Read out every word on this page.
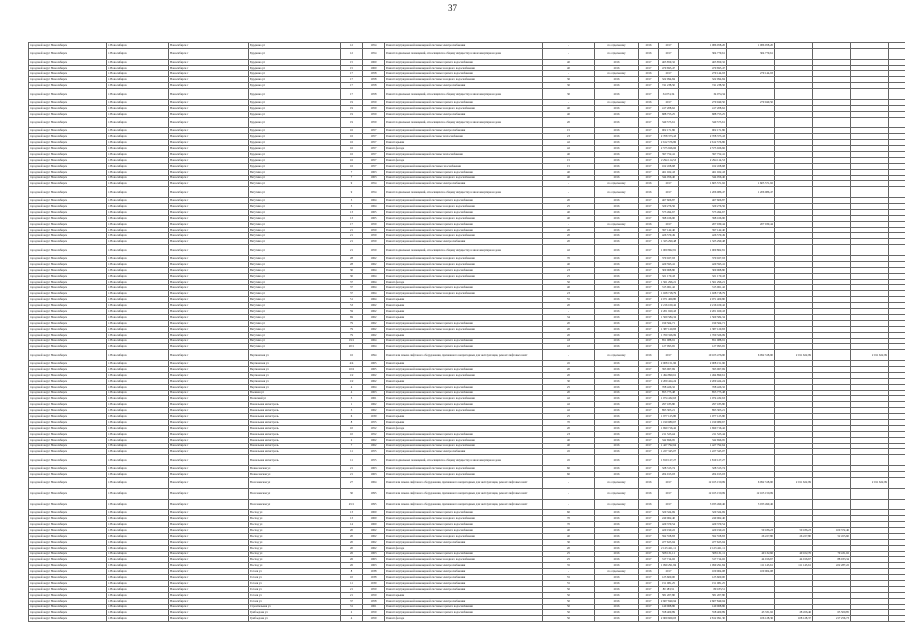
37
городской округ Новосибирск	г. Новосибирск	Новосибирск г	Бурденко ул	12	1954	Ремонт внутридомовой инженерной системы электроснабжения	-	по отдельному	2016	2017	1 086 958,20	1 086 958,20				
городской округ Новосибирск	г. Новосибирск	Новосибирск г	Бурденко ул	12	1954	Ремонт подвальных помещений, относящихся к общему имуществу в многоквартирном доме	-	по отдельному	2016	2017	304 779,61	304 779,61				
городской округ Новосибирск	г. Новосибирск	Новосибирск г	Бурденко ул	15	1960	Ремонт внутридомовой инженерной системы горячего водоснабжения	40	2016	2017	463 859,32	463 859,32					
городской округ Новосибирск	г. Новосибирск	Новосибирск г	Бурденко ул	15	1960	Ремонт внутридомовой инженерной системы холодного водоснабжения	40	2016	2017	470 695,47	470 695,47					
городской округ Новосибирск	г. Новосибирск	Новосибирск г	Бурденко ул	17	1958	Ремонт внутридомовой инженерной системы горячего водоснабжения	-	по отдельному	2016	2017	279 144,93	279 144,93				
городской округ Новосибирск	г. Новосибирск	Новосибирск г	Бурденко ул	17	1958	Ремонт внутридомовой инженерной системы холодного водоснабжения	30	2016	2017	322 994,84	322 994,84					
городской округ Новосибирск	г. Новосибирск	Новосибирск г	Бурденко ул	17	1958	Ремонт внутридомовой инженерной системы электроснабжения	30	2016	2017	741 238,50	741 238,50					
городской округ Новосибирск	г. Новосибирск	Новосибирск г	Бурденко ул	17	1958	Ремонт подвальных помещений, относящихся к общему имуществу в многоквартирном доме	30	2016	2017	34 074,34	34 074,34					
городской округ Новосибирск	г. Новосибирск	Новосибирск г	Бурденко ул	19	1959	Ремонт внутридомовой инженерной системы горячего водоснабжения	-	по отдельному	2016	2017	270 949,50	270 949,50				
городской округ Новосибирск	г. Новосибирск	Новосибирск г	Бурденко ул	19	1959	Ремонт внутридомовой инженерной системы холодного водоснабжения	40	2016	2017	417 208,62	417 208,62					
городской округ Новосибирск	г. Новосибирск	Новосибирск г	Бурденко ул	19	1959	Ремонт внутридомовой инженерной системы электроснабжения	40	2016	2017	688 753,25	688 753,25					
городской округ Новосибирск	г. Новосибирск	Новосибирск г	Бурденко ул	19	1959	Ремонт подвальных помещений, относящихся к общему имуществу в многоквартирном доме	20	2016	2017	340 573,61	340 573,61					
городской округ Новосибирск	г. Новосибирск	Новосибирск г	Бурденко ул	16	1957	Ремонт внутридомовой инженерной системы электроснабжения	15	2016	2017	902 171,86	902 171,86					
городской округ Новосибирск	г. Новосибирск	Новосибирск г	Бурденко ул	16	1957	Ремонт внутридомовой инженерной системы теплоснабжения	23	2016	2017	2 708 373,43	2 708 373,43					
городской округ Новосибирск	г. Новосибирск	Новосибирск г	Бурденко ул	16	1957	Ремонт крыши	42	2016	2017	2 612 576,86	2 612 576,86					
городской округ Новосибирск	г. Новосибирск	Новосибирск г	Бурденко ул	16	1957	Ремонт фасада	42	2016	2017	2 575 926,66	2 575 926,66					
городской округ Новосибирск	г. Новосибирск	Новосибирск г	Бурденко ул	16	1957	Ремонт внутридомовой инженерной системы теплоснабжения	40	2016	2017	397 752,41	397 752,41					
городской округ Новосибирск	г. Новосибирск	Новосибирск г	Бурденко ул	16	1957	Ремонт фасада	15	2016	2017	2 294 114,53	2 294 114,53					
городской округ Новосибирск	г. Новосибирск	Новосибирск г	Бурденко ул	16	1957	Ремонт внутридомовой инженерной системы газоснабжения	15	2016	2017	162 458,68	162 458,68					
городской округ Новосибирск	г. Новосибирск	Новосибирск г	Ватутина ул	7	1963	Ремонт внутридомовой инженерной системы горячего водоснабжения	40	2016	2017	461 022,43	461 022,43					
городской округ Новосибирск	г. Новосибирск	Новосибирск г	Ватутина ул	7	1963	Ремонт внутридомовой инженерной системы холодного водоснабжения	40	2016	2017	344 056,40	344 056,40					
городской округ Новосибирск	г. Новосибирск	Новосибирск г	Ватутина ул	9	1954	Ремонт внутридомовой инженерной системы электроснабжения	-	по отдельному	2016	2017	1 605 571,92	1 605 571,92				
городской округ Новосибирск	г. Новосибирск	Новосибирск г	Ватутина ул	9	1954	Ремонт подвальных помещений, относящихся к общему имуществу в многоквартирном доме	-	по отдельному	2016	2017	1 206 986,47	1 206 986,47				
городской округ Новосибирск	г. Новосибирск	Новосибирск г	Ватутина ул	5	1964	Ремонт внутридомовой инженерной системы горячего водоснабжения	20	2016	2017	467 606,87	467 606,87					
городской округ Новосибирск	г. Новосибирск	Новосибирск г	Ватутина ул	5	1964	Ремонт внутридомовой инженерной системы холодного водоснабжения	25	2016	2017	329 276,56	329 276,56					
городской округ Новосибирск	г. Новосибирск	Новосибирск г	Ватутина ул	13	1965	Ремонт внутридомовой инженерной системы горячего водоснабжения	40	2016	2017	573 494,67	573 494,67					
городской округ Новосибирск	г. Новосибирск	Новосибирск г	Ватутина ул	13	1965	Ремонт внутридомовой инженерной системы холодного водоснабжения	40	2016	2017	398 166,90	398 166,90					
городской округ Новосибирск	г. Новосибирск	Новосибирск г	Ватутина ул	17	1959	Ремонт внутридомовой инженерной системы горячего водоснабжения	-	по отдельному	2016	2017	207 939,44	207 939,44				
городской округ Новосибирск	г. Новосибирск	Новосибирск г	Ватутина ул	21	1959	Ремонт внутридомовой инженерной системы горячего водоснабжения	20	2016	2017	397 142,40	397 142,40					
городской округ Новосибирск	г. Новосибирск	Новосибирск г	Ватутина ул	21	1959	Ремонт внутридомовой инженерной системы холодного водоснабжения	20	2016	2017	426 579,49	426 579,49					
городской округ Новосибирск	г. Новосибирск	Новосибирск г	Ватутина ул	21	1959	Ремонт внутридомовой инженерной системы электроснабжения	20	2016	2017	1 325 299,48	1 325 299,48					
городской округ Новосибирск	г. Новосибирск	Новосибирск г	Ватутина ул	21	1959	Ремонт подвальных помещений, относящихся к общему имуществу в многоквартирном доме	42	2016	2017	1 009 862,81	1 009 862,81					
городской округ Новосибирск	г. Новосибирск	Новосибирск г	Ватутина ул	28	1962	Ремонт внутридомовой инженерной системы холодного водоснабжения	70	2016	2017	370 027,93	370 027,93					
городской округ Новосибирск	г. Новосибирск	Новосибирск г	Ватутина ул	28	1962	Ремонт внутридомовой инженерной системы холодного водоснабжения	40	2016	2017	420 593,41	420 593,41					
городской округ Новосибирск	г. Новосибирск	Новосибирск г	Ватутина ул	30	1964	Ремонт внутридомовой инженерной системы горячего водоснабжения	23	2016	2017	309 968,80	309 968,80					
городской округ Новосибирск	г. Новосибирск	Новосибирск г	Ватутина ул	30	1964	Ремонт внутридомовой инженерной системы холодного водоснабжения	25	2016	2017	321 170,43	321 170,43					
городской округ Новосибирск	г. Новосибирск	Новосибирск г	Ватутина ул	37	1964	Ремонт фасада	50	2016	2017	1 561 296,21	1 561 296,21					
городской округ Новосибирск	г. Новосибирск	Новосибирск г	Ватутина ул	37	1964	Ремонт внутридомовой инженерной системы горячего водоснабжения	40	2016	2017	315 961,42	315 961,42					
городской округ Новосибирск	г. Новосибирск	Новосибирск г	Ватутина ул	37	1964	Ремонт внутридомовой инженерной системы холодного водоснабжения	23	2016	2017	1 028 718,79	1 028 718,79					
городской округ Новосибирск	г. Новосибирск	Новосибирск г	Ватутина ул	51	1964	Ремонт крыши	55	2016	2017	2 071 409,80	2 071 409,80					
городской округ Новосибирск	г. Новосибирск	Новосибирск г	Ватутина ул	53	1962	Ремонт крыши	20	2016	2017	2 216 109,42	2 216 109,42					
городской округ Новосибирск	г. Новосибирск	Новосибирск г	Ватутина ул	59	1962	Ремонт крыши	-	2016	2017	2 201 920,43	2 201 920,43					
городской округ Новосибирск	г. Новосибирск	Новосибирск г	Ватутина ул	69	1962	Ремонт крыши	34	2016	2017	1 569 584,34	1 569 584,34					
городской округ Новосибирск	г. Новосибирск	Новосибирск г	Ватутина ул	79	1962	Ремонт внутридомовой инженерной системы горячего водоснабжения	20	2016	2017	199 564,71	199 564,71					
городской округ Новосибирск	г. Новосибирск	Новосибирск г	Ватутина ул	79	1962	Ремонт внутридомовой инженерной системы холодного водоснабжения	20	2016	2017	1 387 120,83	1 387 120,83					
городской округ Новосибирск	г. Новосибирск	Новосибирск г	Ватутина ул	79	1962	Ремонт крыши	20	2016	2017	1 760 326,99	1 760 326,99					
городской округ Новосибирск	г. Новосибирск	Новосибирск г	Ватутина ул	19/1	1964	Ремонт внутридомовой инженерной системы горячего водоснабжения	43	2016	2017	851 988,91	851 988,91					
городской округ Новосибирск	г. Новосибирск	Новосибирск г	Ватутина ул	20/1	1964	Ремонт внутридомовой инженерной системы горячего водоснабжения	43	2016	2017	127 093,65	127 093,65					
городской округ Новосибирск	г. Новосибирск	Новосибирск г	Вертковская ул	16	1994	Ремонт или замена лифтового оборудования, признанного непригодным для эксплуатации, ремонт лифтовых шахт	-	по отдельному	2016	2017	10 103 476,90	6 092 318,90	2 011 622,99		2 011 622,99	
городской округ Новосибирск	г. Новосибирск	Новосибирск г	Вертковская ул	4/4	1965	Ремонт крыши	45	2016	2017	2 008 151,96	2 008 151,96					
городской округ Новосибирск	г. Новосибирск	Новосибирск г	Вертковская ул	10/2	1965	Ремонт внутридомовой инженерной системы горячего водоснабжения	20	2016	2017	393 067,69	393 067,69					
городской округ Новосибирск	г. Новосибирск	Новосибирск г	Вертковская ул	1/2	1962	Ремонт внутридомовой инженерной системы холодного водоснабжения	20	2016	2017	1 494 899,61	1 494 899,61					
городской округ Новосибирск	г. Новосибирск	Новосибирск г	Вертковская ул	1/2	1962	Ремонт крыши	30	2016	2017	2 209 424,24	2 209 424,24					
городской округ Новосибирск	г. Новосибирск	Новосибирск г	Вертковская ул	4	1964	Ремонт внутридомовой инженерной системы горячего водоснабжения	25	2016	2017	768 426,32	768 426,32					
городской округ Новосибирск	г. Новосибирск	Новосибирск г	Военная ул	4	1963	Ремонт внутридомовой инженерной системы горячего водоснабжения	20	2016	2017	855 775,48	855 775,48					
городской округ Новосибирск	г. Новосибирск	Новосибирск г	Волжский ул	3	1961	Ремонт внутридомовой инженерной системы холодного водоснабжения	42	2016	2017	1 074 432,63	1 074 432,63					
городской округ Новосибирск	г. Новосибирск	Новосибирск г	Вокзальная магистраль	1	1962	Ремонт внутридомовой инженерной системы горячего водоснабжения	42	2016	2017	297 183,80	297 183,80					
городской округ Новосибирск	г. Новосибирск	Новосибирск г	Вокзальная магистраль	3	1962	Ремонт внутридомовой инженерной системы холодного водоснабжения	42	2016	2017	893 303,21	893 303,21					
городской округ Новосибирск	г. Новосибирск	Новосибирск г	Вокзальная магистраль	6	1930	Ремонт крыши	25	2016	2017	1 977 125,80	1 977 125,80					
городской округ Новосибирск	г. Новосибирск	Новосибирск г	Вокзальная магистраль	8	1955	Ремонт крыши	70	2016	2017	1 190 080,67	1 190 080,67					
городской округ Новосибирск	г. Новосибирск	Новосибирск г	Вокзальная магистраль	10	1952	Ремонт фасада	20	2016	2017	1 690 716,42	1 690 716,42					
городской округ Новосибирск	г. Новосибирск	Новосибирск г	Вокзальная магистраль	10	1952	Ремонт внутридомовой инженерной системы горячего водоснабжения	23	2016	2017	211 523,44	211 523,44					
городской округ Новосибирск	г. Новосибирск	Новосибирск г	Вокзальная магистраль	2	1962	Ремонт внутридомовой инженерной системы холодного водоснабжения	40	2016	2017	342 696,95	342 696,95					
городской округ Новосибирск	г. Новосибирск	Новосибирск г	Вокзальная магистраль	7	1962	Ремонт внутридомовой инженерной системы холодного водоснабжения	40	2016	2017	1 427 792,64	1 427 792,64					
городской округ Новосибирск	г. Новосибирск	Новосибирск г	Вокзальная магистраль	11	1955	Ремонт внутридомовой инженерной системы электроснабжения	45	2016	2017	1 227 345,07	1 227 345,07					
городской округ Новосибирск	г. Новосибирск	Новосибирск г	Вокзальная магистраль	11	1955	Ремонт подвальных помещений, относящихся к общему имуществу в многоквартирном доме	45	2016	2017	1 819 127,27	1 819 127,27					
городской округ Новосибирск	г. Новосибирск	Новосибирск г	Вознесенская ул	21	1963	Ремонт внутридомовой инженерной системы холодного водоснабжения	60	2016	2017	328 313,74	328 313,74					
городской округ Новосибирск	г. Новосибирск	Новосибирск г	Вознесенская ул	21	1963	Ремонт внутридомовой инженерной системы холодного водоснабжения	60	2016	2017	204 913,03	204 913,03					
городской округ Новосибирск	г. Новосибирск	Новосибирск г	Волочаевская ул	27	1964	Ремонт или замена лифтового оборудования, признанного непригодным для эксплуатации, ремонт лифтовых шахт	-	по отдельному	2016	2017	12 165 159,99	6 092 318,90	2 011 622,99		2 011 622,99	
городской округ Новосибирск	г. Новосибирск	Новосибирск г	Волочаевская ул	30	1995	Ремонт или замена лифтового оборудования, признанного непригодным для эксплуатации, ремонт лифтовых шахт	-	по отдельному	2016	2017	12 165 159,99	12 165 159,99				
городской округ Новосибирск	г. Новосибирск	Новосибирск г	Волочаевская ул	45/1	1995	Ремонт или замена лифтового оборудования, признанного непригодным для эксплуатации, ремонт лифтовых шахт	-	по отдельному	2016	2017	3 033 499,46	3 033 499,46				
городской округ Новосибирск	г. Новосибирск	Новосибирск г	Восход ул	13	1960	Ремонт внутридомовой инженерной системы горячего водоснабжения	60	2016	2017	320 324,69	320 324,69					
городской округ Новосибирск	г. Новосибирск	Новосибирск г	Восход ул	13	1960	Ремонт внутридомовой инженерной системы холодного водоснабжения	70	2016	2017	249 962,40	249 962,40					
городской округ Новосибирск	г. Новосибирск	Новосибирск г	Восход ул	14	1960	Ремонт внутридомовой инженерной системы горячего водоснабжения	70	2016	2017	429 379,54	429 379,54					
городской округ Новосибирск	г. Новосибирск	Новосибирск г	Восход ул	20	1962	Ремонт внутридомовой инженерной системы горячего водоснабжения	40	2016	2017	420 190,22	420 190,22	50 186,23	50 186,23	100 372,46		
городской округ Новосибирск	г. Новосибирск	Новосибирск г	Восход ул	20	1962	Ремонт внутридомовой инженерной системы холодного водоснабжения	40	2016	2017	592 558,83	592 558,83	26 227,80	26 227,80	52 455,60		
городской округ Новосибирск	г. Новосибирск	Новосибирск г	Восход ул	20	1962	Ремонт внутридомовой инженерной системы электроснабжения	30	2016	2017	477 623,94	477 623,94					
городской округ Новосибирск	г. Новосибирск	Новосибирск г	Восход ул	20	1962	Ремонт фасада	20	2016	2017	2 123 421,11	2 123 421,11					
городской округ Новосибирск	г. Новосибирск	Новосибирск г	Восход ул	26	1963	Ремонт внутридомовой инженерной системы горячего водоснабжения	25	2016	2017	508 131,11	508 131,11	40 132,66	40 102,76	79 431,02		
городской округ Новосибирск	г. Новосибирск	Новосибирск г	Восход ул	26	1963	Ремонт внутридомовой инженерной системы холодного водоснабжения	25	2016	2017	317 714,02	317 714,02	44 016,67	44 016,67	88 033,34		
городской округ Новосибирск	г. Новосибирск	Новосибирск г	Восход ул	26	1963	Ремонт внутридомовой инженерной системы электроснабжения	35	2016	2017	1 099 291,84	1 099 291,84	111 143,61	111 143,61	222 287,22		
городской округ Новосибирск	г. Новосибирск	Новосибирск г	Гоголя ул	8	1938	Ремонт внутридомовой инженерной системы электроснабжения	-	по отдельному	2016	2017	100 904,08	100 904,08				
городской округ Новосибирск	г. Новосибирск	Новосибирск г	Гоголя ул	10	1938	Ремонт внутридомовой инженерной системы электроснабжения	55	2016	2017	125 600,00	125 600,00					
городской округ Новосибирск	г. Новосибирск	Новосибирск г	Гоголя ул	11	1939	Ремонт внутридомовой инженерной системы электроснабжения	55	2016	2017	151 981,25	151 981,25					
городской округ Новосибирск	г. Новосибирск	Новосибирск г	Гоголя ул	21	1950	Ремонт внутридомовой инженерной системы электроснабжения	50	2016	2017	80 183,51	80 183,51					
городской округ Новосибирск	г. Новосибирск	Новосибирск г	Гоголя ул	21	1950	Ремонт крыши	50	2016	2017	581 207,80	581 207,80					
городской округ Новосибирск	г. Новосибирск	Новосибирск г	Гоголя ул	37	1958	Ремонт внутридомовой инженерной системы электроснабжения	50	2016	2017	2 607 849,94	2 607 849,94					
городской округ Новосибирск	г. Новосибирск	Новосибирск г	Строительная ул	31	1961	Ремонт внутридомовой инженерной системы горячего водоснабжения	50	2016	2017	140 968,86	140 968,86					
городской округ Новосибирск	г. Новосибирск	Новосибирск г	Грибоедова ул	2	1959	Ремонт внутридомовой инженерной системы горячего водоснабжения	50	2016	2017	558 400,89	558 400,89	43 331,92	28 456,46	65 509,85		
городской округ Новосибирск	г. Новосибирск	Новосибирск г	Грибоедова ул	4	1959	Ремонт фасада	50	2016	2017	2 909 609,03	2 812 991,30	106 128,36	108 128,37	217 256,73		
